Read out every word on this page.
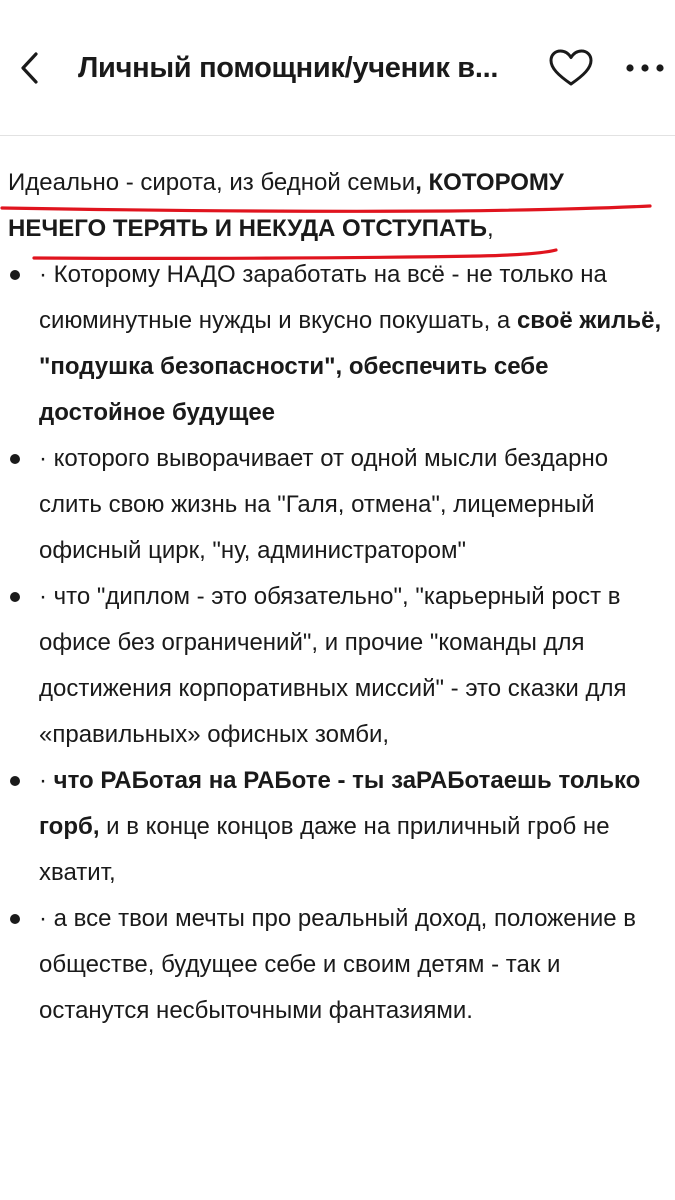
Личный помощник/ученик в...
Идеально - сирота, из бедной семьи, КОТОРОМУ
НЕЧЕГО ТЕРЯТЬ И НЕКУДА ОТСТУПАТЬ,
· Которому НАДО заработать на всё - не только на сиюминутные нужды и вкусно покушать, а своё жильё, "подушка безопасности", обеспечить себе достойное будущее
· которого выворачивает от одной мысли бездарно слить свою жизнь на "Галя, отмена", лицемерный офисный цирк, "ну, администратором"
· что "диплом - это обязательно", "карьерный рост в офисе без ограничений", и прочие "команды для достижения корпоративных миссий" - это сказки для «правильных» офисных зомби,
· что РАБотая на РАБоте - ты заРАБотаешь только горб, и в конце концов даже на приличный гроб не хватит,
· а все твои мечты про реальный доход, положение в обществе, будущее себе и своим детям - так и останутся несбыточными фантазиями.
